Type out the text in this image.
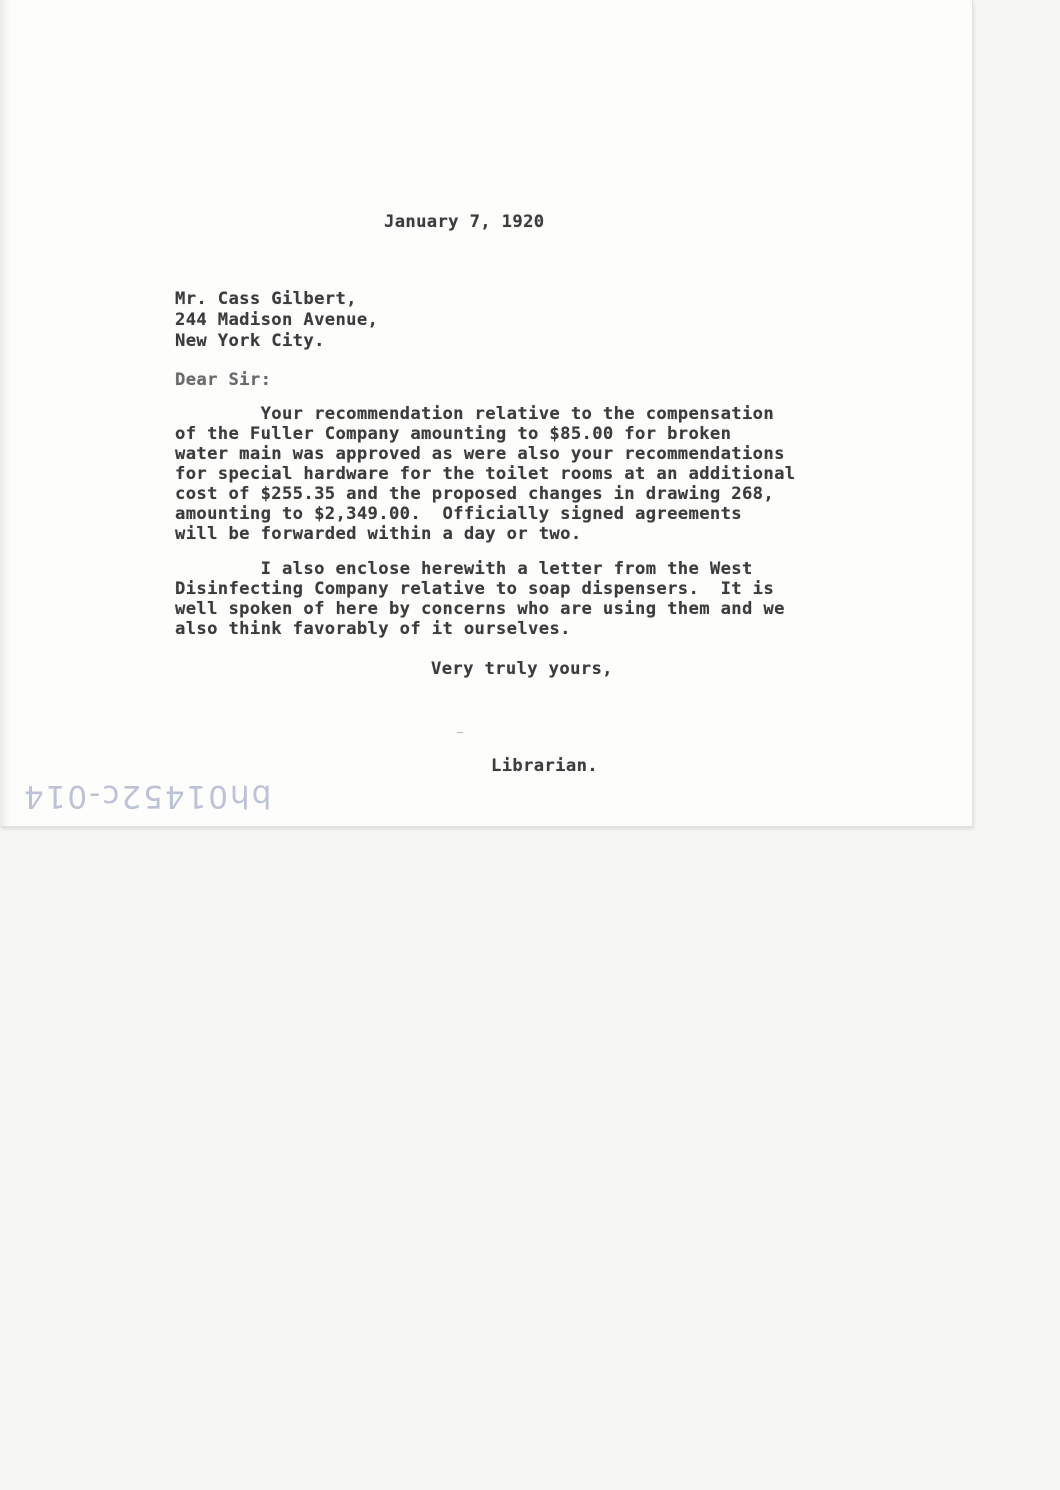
January 7, 1920
Mr. Cass Gilbert,
244 Madison Avenue,
New York City.
Dear Sir:
Your recommendation relative to the compensation
of the Fuller Company amounting to $85.00 for broken
water main was approved as were also your recommendations
for special hardware for the toilet rooms at an additional
cost of $255.35 and the proposed changes in drawing 268,
amounting to $2,349.00.  Officially signed agreements
will be forwarded within a day or two.
I also enclose herewith a letter from the West
Disinfecting Company relative to soap dispensers.  It is
well spoken of here by concerns who are using them and we
also think favorably of it ourselves.
Very truly yours,
Librarian.
bh01452c-014
